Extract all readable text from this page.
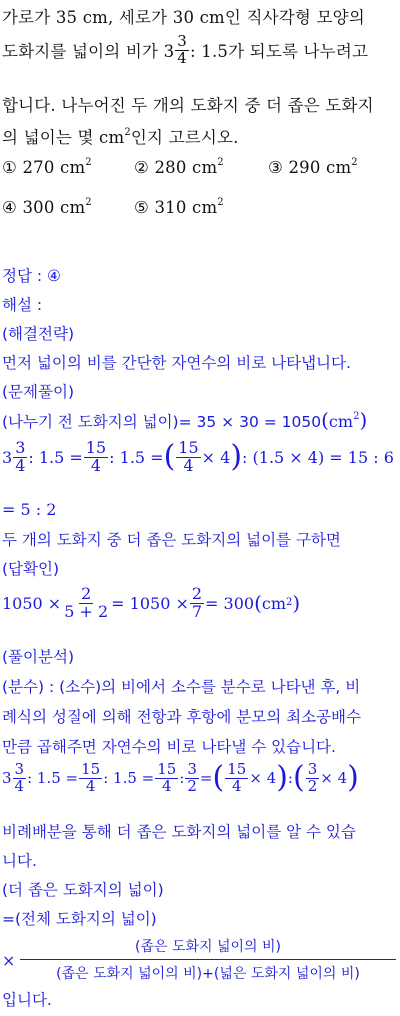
가로가 35 cm, 세로가 30 cm인 직사각형 모양의
도화지를 넓이의 비가 $3 \frac{3}{4}$ : 1.5가 되도록 나누려고
합니다. 나누어진 두 개의 도화지 중 더 좁은 도화지
의 넓이는 몇 $cm^2$인지 고르시오.
① 270 $cm^2$	② 280 $cm^2$	③ 290 $cm^2$
④ 300 $cm^2$	⑤ 310 $cm^2$
정답 : ④
해설 :
(해결전략)
먼저 넓이의 비를 간단한 자연수의 비로 나타냅니다.
(문제풀이)
(나누기 전 도화지의 넓이)= $35 \times 30 = 1050(cm^2)$
$3 \frac{3}{4}$ : $1.5 = \frac{15}{4}$ : 1.5 = ( $\frac{15}{4} \times 4$ ) : (1.5 × 4) = 15 : 6
= 5 : 2
두 개의 도화지 중 더 좁은 도화지의 넓이를 구하면
(답확인)
$1050 \times \frac{2}{5 + 2} = 1050 \times \frac{2}{7} = 300$ ( cm 2 )
(풀이분석)
(분수) : (소수)의 비에서 소수를 분수로 나타낸 후, 비
례식의 성질에 의해 전항과 후항에 분모의 최소공배수
만큼 곱해주면 자연수의 비로 나타낼 수 있습니다.
$3 \frac{3}{4}$ : $1.5 = \frac{15}{4}$ : $1.5 = \frac{15}{4}$ : $\frac{3}{2}$ = ( $\frac{15}{4} \times 4$ ) : ( $\frac{3}{2} \times 4$ )
비례배분을 통해 더 좁은 도화지의 넓이를 알 수 있습
니다.
(더 좁은 도화지의 넓이)
=(전체 도화지의 넓이)
×
(좁은 도화지 넓이의 비)
(좁은 도화지 넓이의 비)+(넓은 도화지 넓이의 비)
입니다.
